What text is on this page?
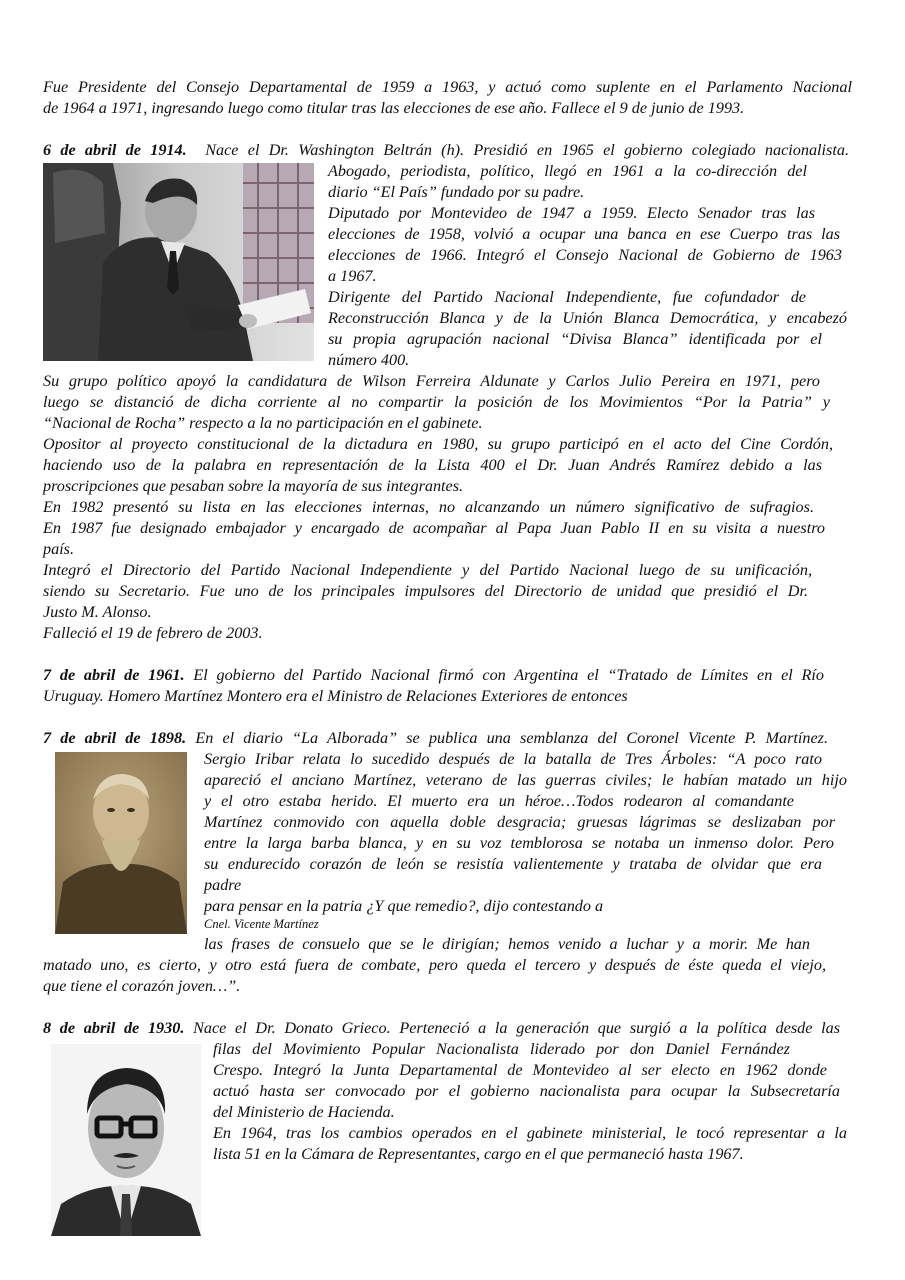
Fue Presidente del Consejo Departamental de 1959 a 1963, y actuó como suplente en el Parlamento Nacional
de 1964 a 1971, ingresando luego como titular tras las elecciones de ese año. Fallece el 9 de junio de 1993.
6 de abril de 1914. Nace el Dr. Washington Beltrán (h). Presidió en 1965 el gobierno colegiado nacionalista.
Abogado, periodista, político, llegó en 1961 a la co-dirección del
diario “El País” fundado por su padre.
Diputado por Montevideo de 1947 a 1959. Electo Senador tras las
elecciones de 1958, volvió a ocupar una banca en ese Cuerpo tras las
elecciones de 1966. Integró el Consejo Nacional de Gobierno de 1963
a 1967.
Dirigente del Partido Nacional Independiente, fue cofundador de
Reconstrucción Blanca y de la Unión Blanca Democrática, y encabezó
su propia agrupación nacional “Divisa Blanca” identificada por el
número 400.
Su grupo político apoyó la candidatura de Wilson Ferreira Aldunate y Carlos Julio Pereira en 1971, pero
luego se distanció de dicha corriente al no compartir la posición de los Movimientos “Por la Patria” y
“Nacional de Rocha” respecto a la no participación en el gabinete.
Opositor al proyecto constitucional de la dictadura en 1980, su grupo participó en el acto del Cine Cordón,
haciendo uso de la palabra en representación de la Lista 400 el Dr. Juan Andrés Ramírez debido a las
proscripciones que pesaban sobre la mayoría de sus integrantes.
En 1982 presentó su lista en las elecciones internas, no alcanzando un número significativo de sufragios.
En 1987 fue designado embajador y encargado de acompañar al Papa Juan Pablo II en su visita a nuestro
país.
Integró el Directorio del Partido Nacional Independiente y del Partido Nacional luego de su unificación,
siendo su Secretario. Fue uno de los principales impulsores del Directorio de unidad que presidió el Dr.
Justo M. Alonso.
Falleció el 19 de febrero de 2003.
7 de abril de 1961. El gobierno del Partido Nacional firmó con Argentina el “Tratado de Límites en el Río
Uruguay. Homero Martínez Montero era el Ministro de Relaciones Exteriores de entonces
7 de abril de 1898. En el diario “La Alborada” se publica una semblanza del Coronel Vicente P. Martínez.
Sergio Iribar relata lo sucedido después de la batalla de Tres Árboles: “A poco rato
apareció el anciano Martínez, veterano de las guerras civiles; le habían matado un hijo
y el otro estaba herido. El muerto era un héroe…Todos rodearon al comandante
Martínez conmovido con aquella doble desgracia; gruesas lágrimas se deslizaban por
entre la larga barba blanca, y en su voz temblorosa se notaba un inmenso dolor. Pero
su endurecido corazón de león se resistía valientemente y trataba de olvidar que era
padre
para pensar en la patria ¿Y que remedio?, dijo contestando a
Cnel. Vicente Martínez
las frases de consuelo que se le dirigían; hemos venido a luchar y a morir. Me han
matado uno, es cierto, y otro está fuera de combate, pero queda el tercero y después de éste queda el viejo,
que tiene el corazón joven…”.
8 de abril de 1930. Nace el Dr. Donato Grieco. Perteneció a la generación que surgió a la política desde las
filas del Movimiento Popular Nacionalista liderado por don Daniel Fernández
Crespo. Integró la Junta Departamental de Montevideo al ser electo en 1962 donde
actuó hasta ser convocado por el gobierno nacionalista para ocupar la Subsecretaría
del Ministerio de Hacienda.
En 1964, tras los cambios operados en el gabinete ministerial, le tocó representar a la
lista 51 en la Cámara de Representantes, cargo en el que permaneció hasta 1967.
